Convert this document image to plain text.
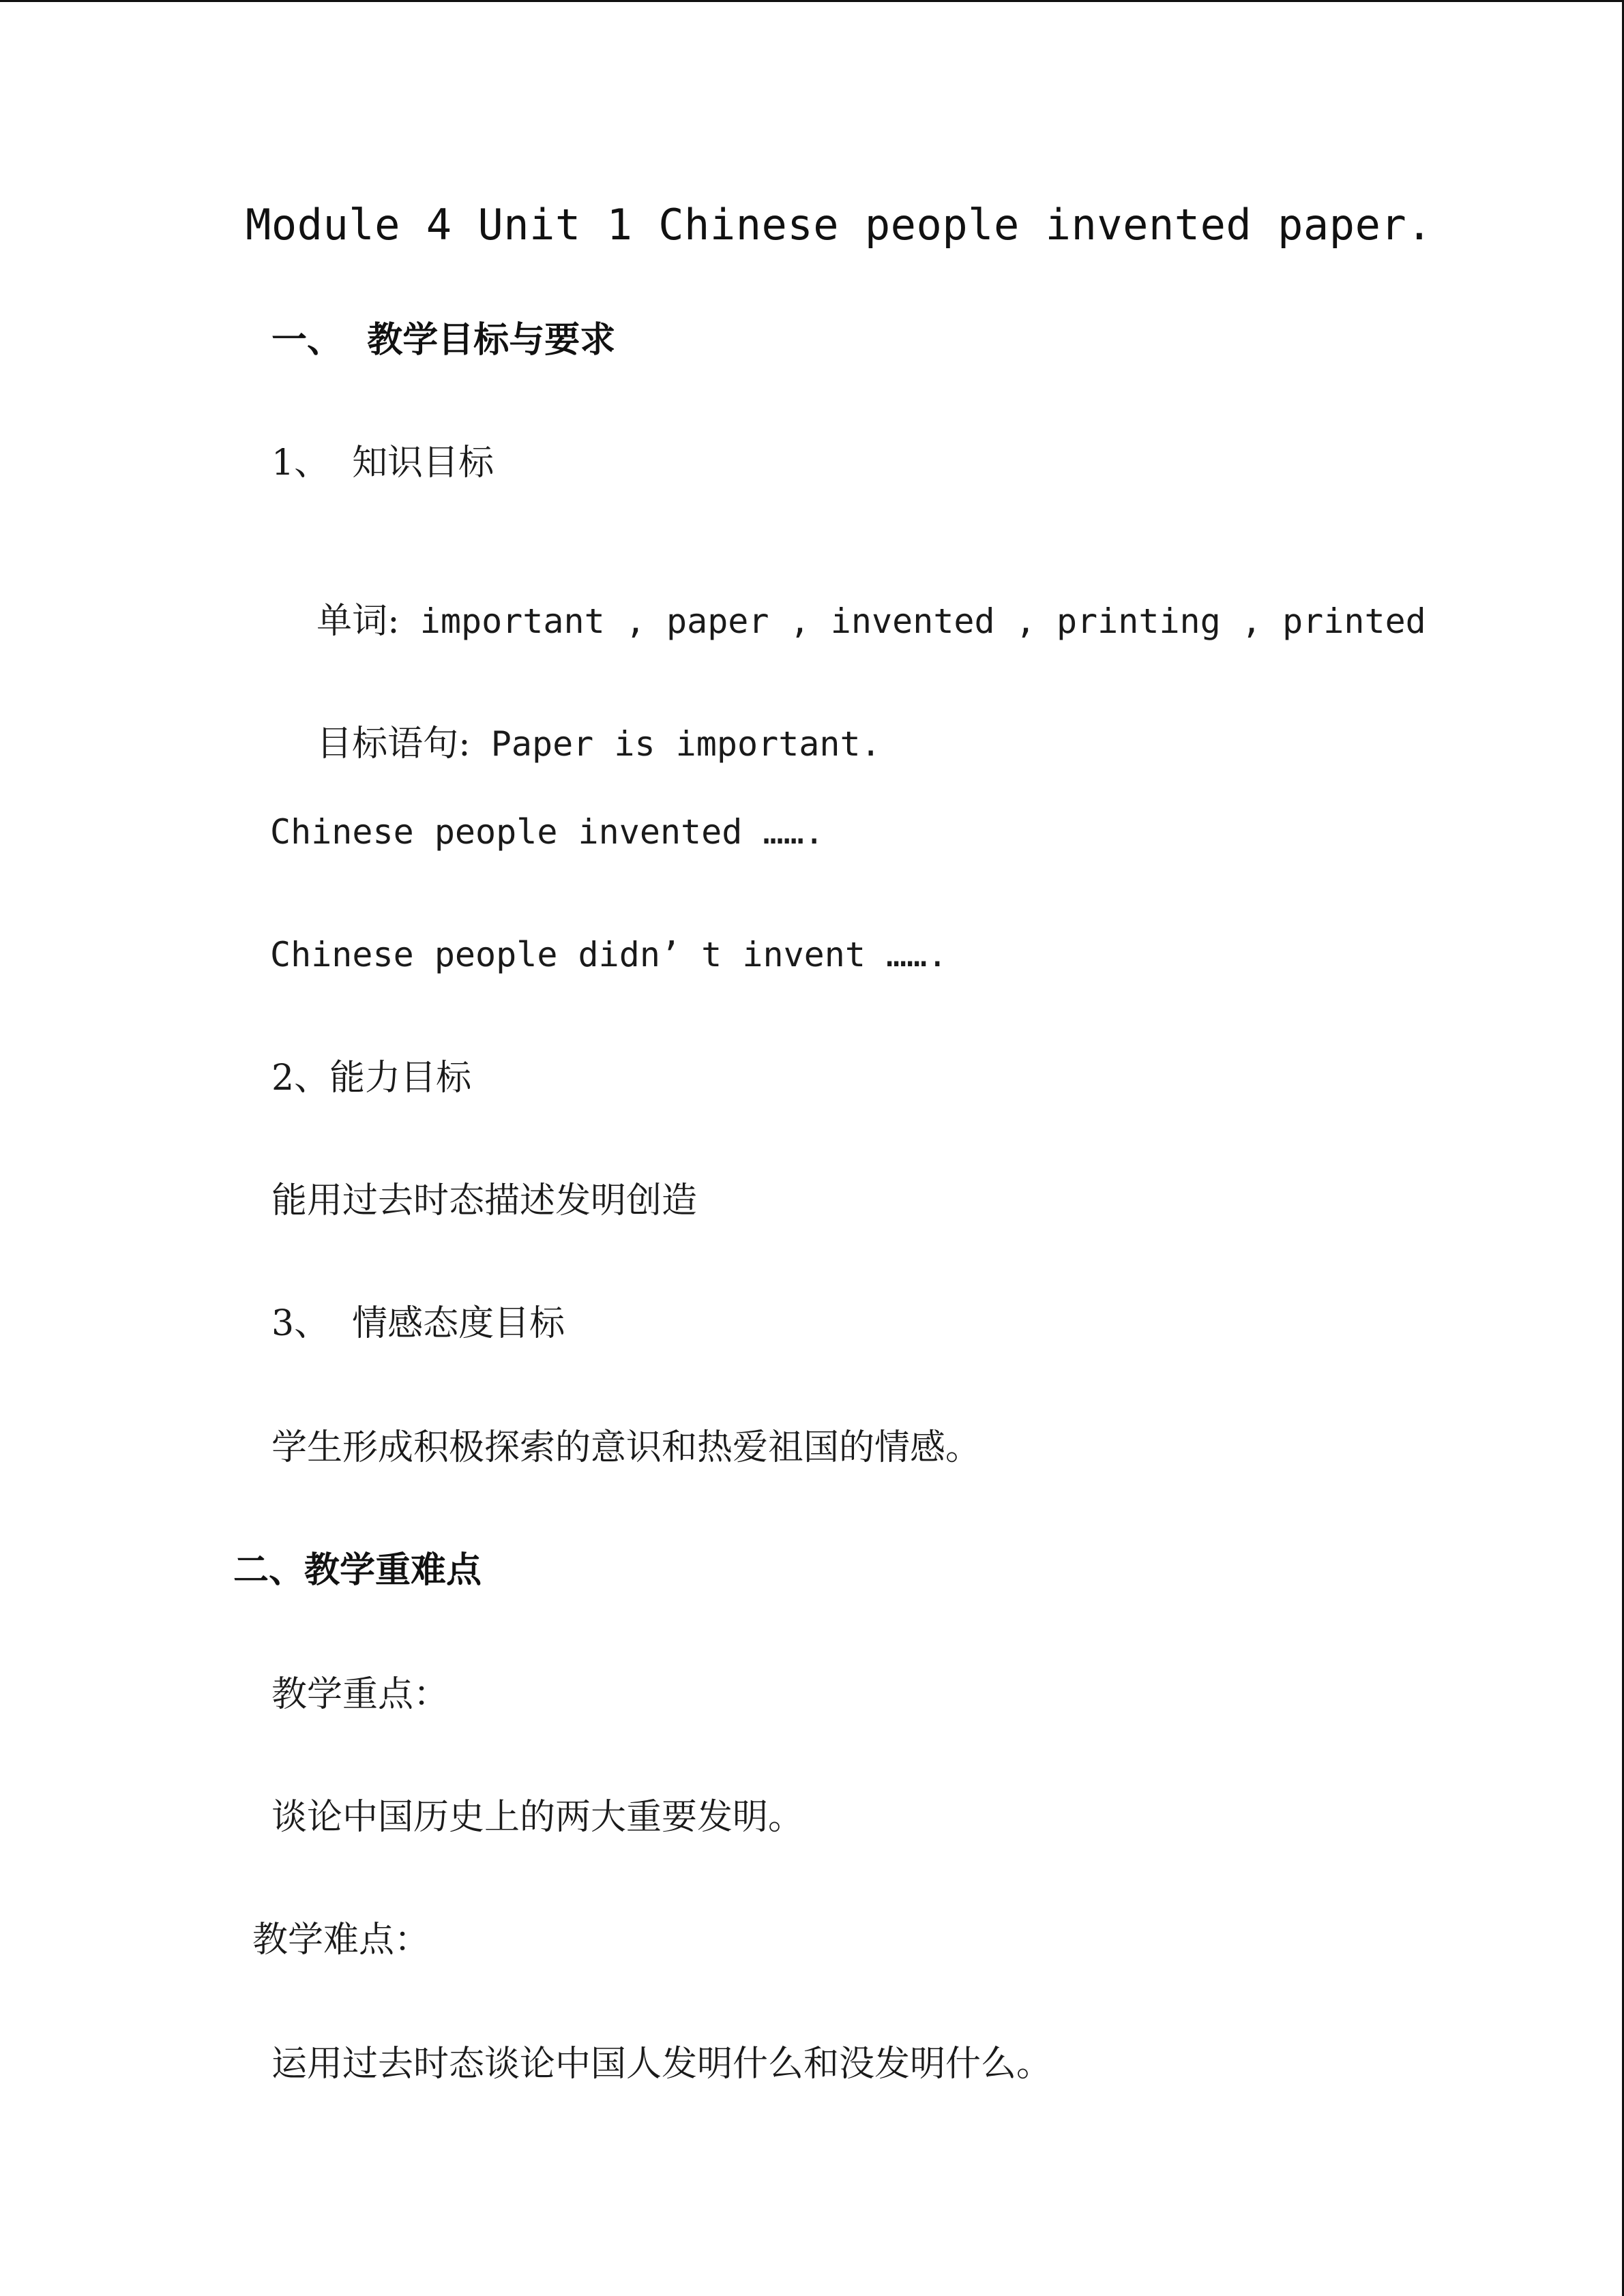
Module 4 Unit 1 Chinese people invented paper.
一、  教学目标与要求
1、  知识目标

单词: important , paper , invented , printing , printed

目标语句: Paper is important.

Chinese people invented …….
Chinese people didn’ t invent …….
2、能力目标
能用过去时态描述发明创造
3、  情感态度目标
学生形成积极探索的意识和热爱祖国的情感。
二、教学重难点
教学重点：
谈论中国历史上的两大重要发明。
教学难点：
运用过去时态谈论中国人发明什么和没发明什么。
